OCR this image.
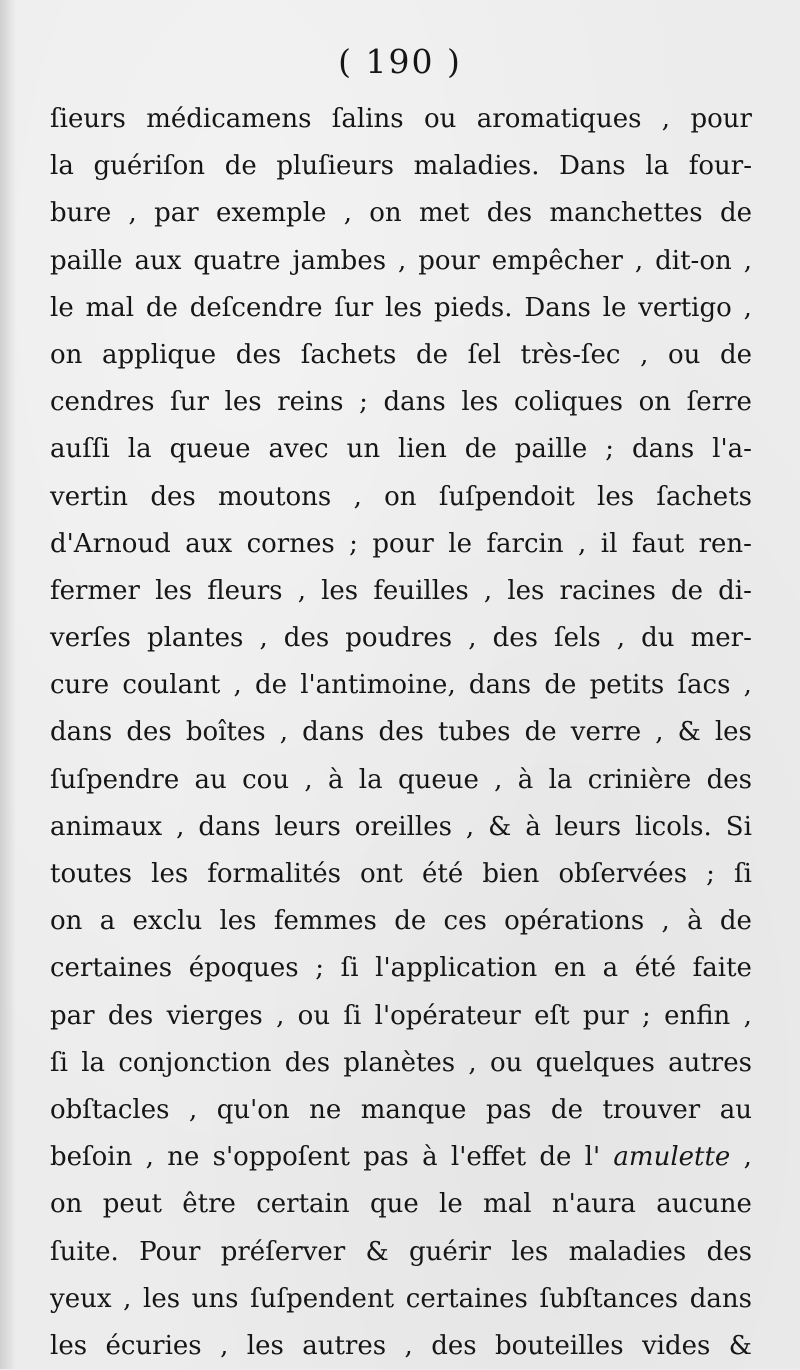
( 190 )
ſieurs médicamens ſalins ou aromatiques , pour
la guériſon de pluſieurs maladies. Dans la four-
bure , par exemple , on met des manchettes de
paille aux quatre jambes , pour empêcher , dit-on ,
le mal de deſcendre ſur les pieds. Dans le vertigo ,
on applique des ſachets de ſel très-ſec , ou de
cendres ſur les reins ; dans les coliques on ſerre
auſſi la queue avec un lien de paille ; dans l'a-
vertin des moutons , on ſuſpendoit les ſachets
d'Arnoud aux cornes ; pour le farcin , il faut ren-
fermer les fleurs , les feuilles , les racines de di-
verſes plantes , des poudres , des ſels , du mer-
cure coulant , de l'antimoine, dans de petits ſacs ,
dans des boîtes , dans des tubes de verre , & les
ſuſpendre au cou , à la queue , à la crinière des
animaux , dans leurs oreilles , & à leurs licols. Si
toutes les formalités ont été bien obſervées ; ſi
on a exclu les femmes de ces opérations , à de
certaines époques ; ſi l'application en a été faite
par des vierges , ou ſi l'opérateur eſt pur ; enfin ,
ſi la conjonction des planètes , ou quelques autres
obſtacles , qu'on ne manque pas de trouver au
beſoin , ne s'oppoſent pas à l'effet de l' amulette ,
on peut être certain que le mal n'aura aucune
ſuite. Pour préſerver & guérir les maladies des
yeux , les uns ſuſpendent certaines ſubſtances dans
les écuries , les autres , des bouteilles vides &
